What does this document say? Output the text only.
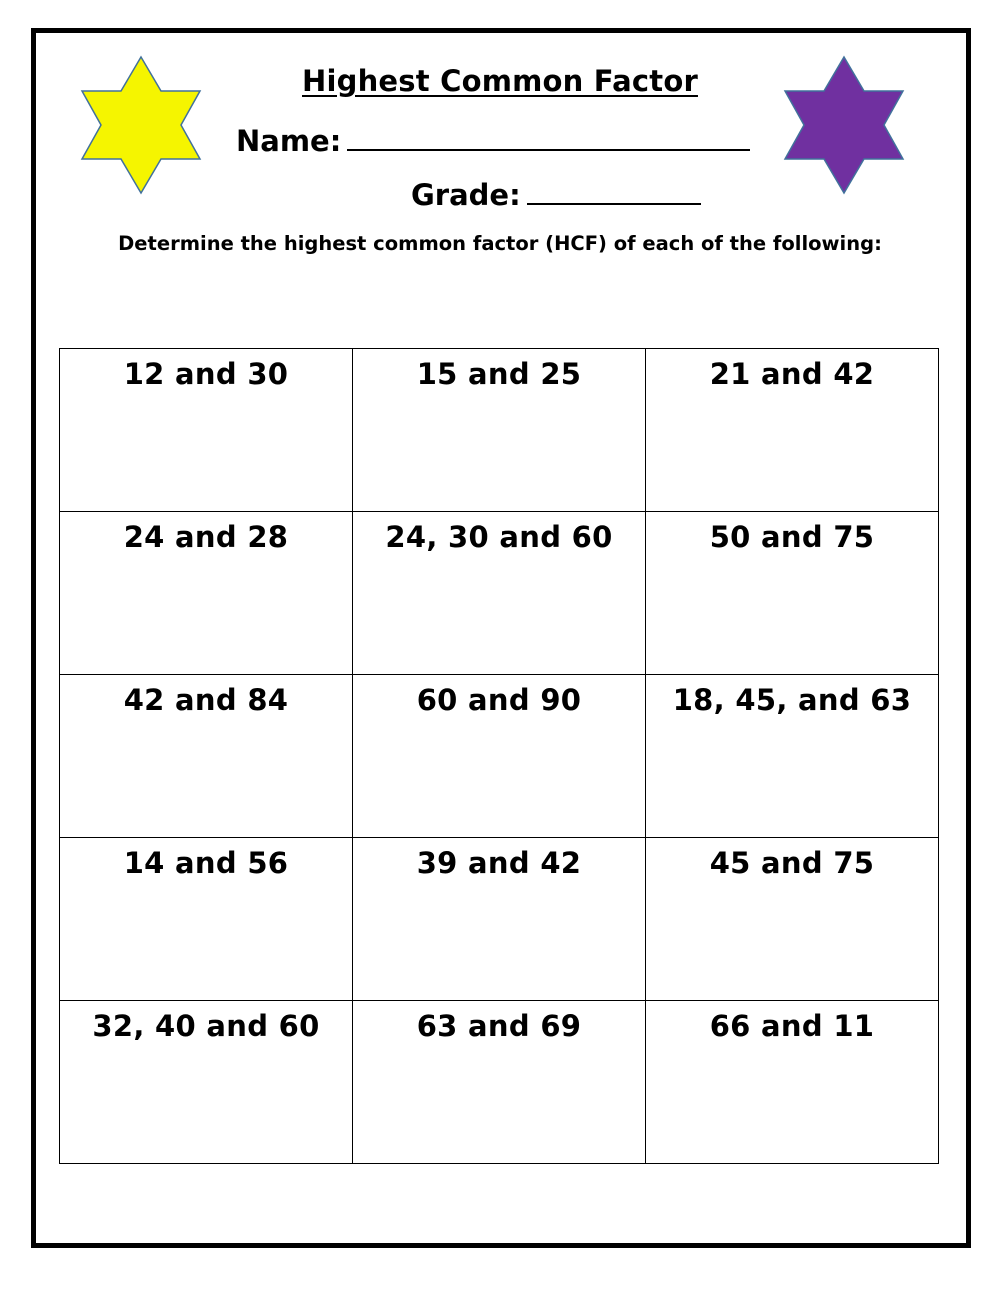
Highest Common Factor
Name:
Grade:
Determine the highest common factor (HCF) of each of the following:
12 and 30	15 and 25	21 and 42

24 and 28	24, 30 and 60	50 and 75

42 and 84	60 and 90	18, 45, and 63

14 and 56	39 and 42	45 and 75

32, 40 and 60	63 and 69	66 and 11
